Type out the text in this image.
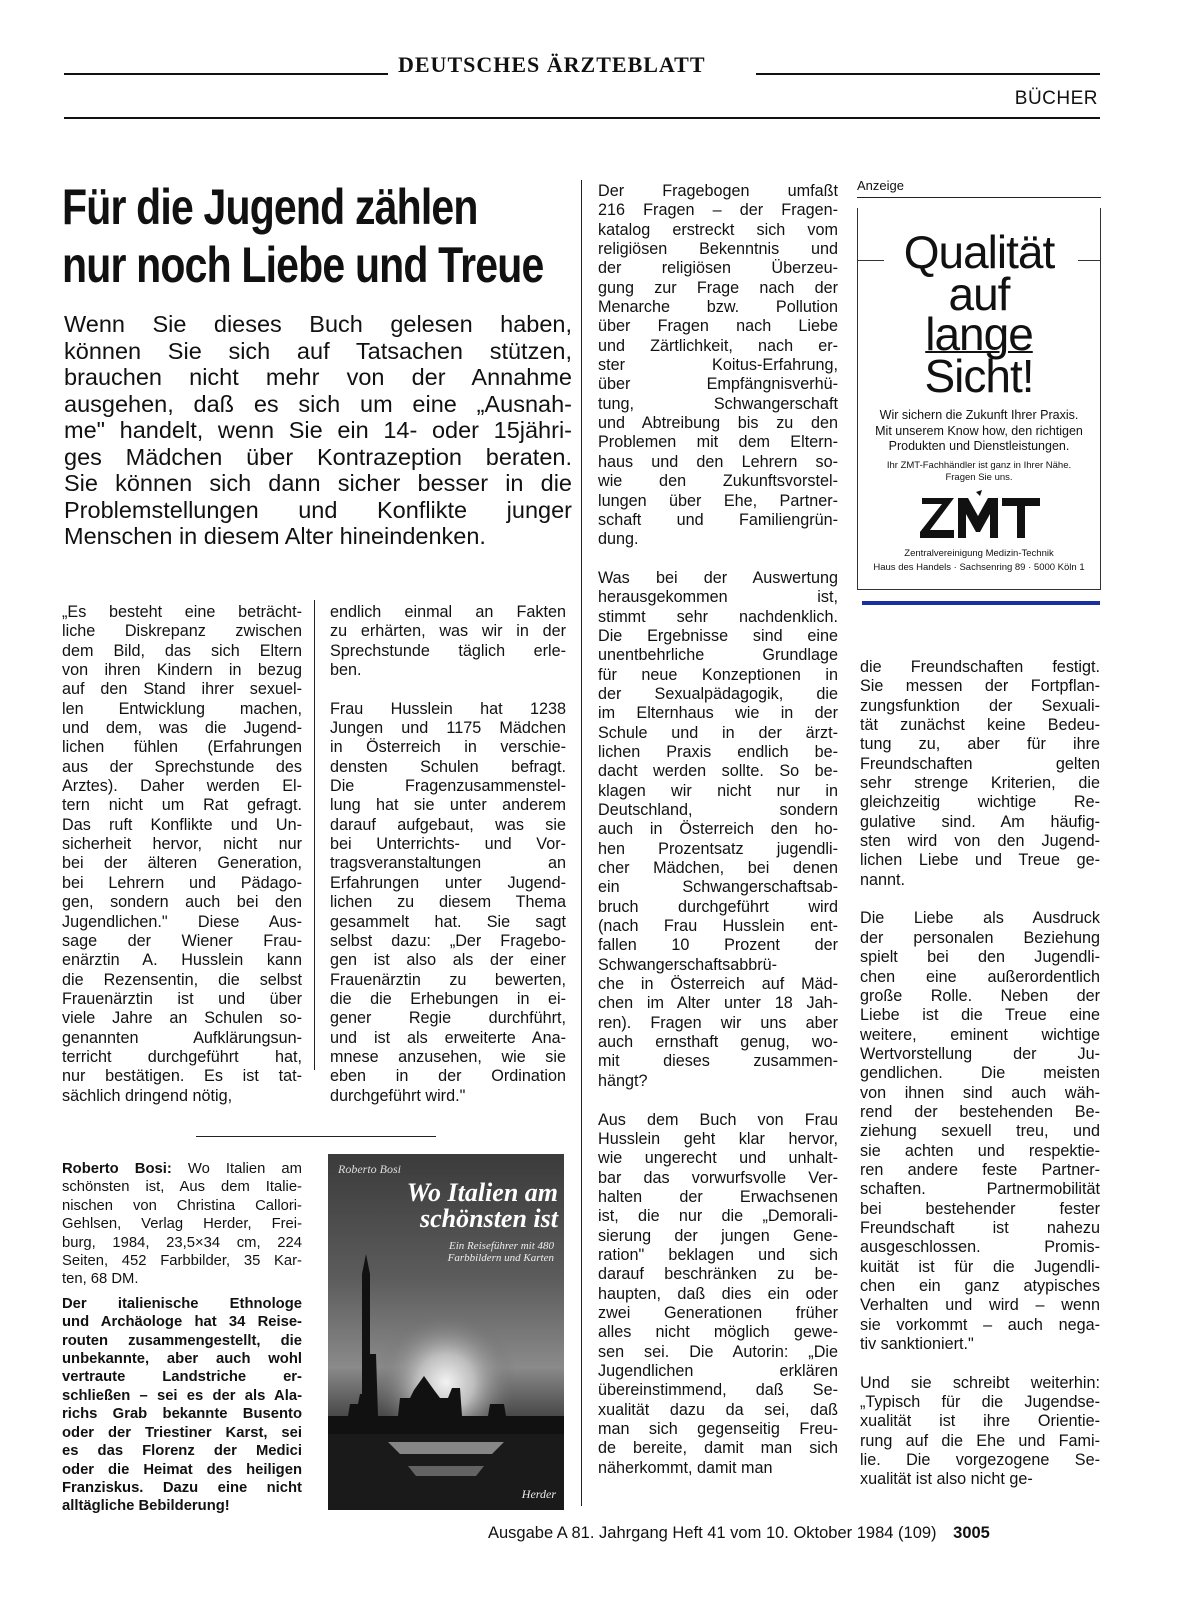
DEUTSCHES ÄRZTEBLATT
BÜCHER
Für die Jugend zählen
nur noch Liebe und Treue
Wenn Sie dieses Buch gelesen haben,
können Sie sich auf Tatsachen stützen,
brauchen nicht mehr von der Annahme
ausgehen, daß es sich um eine „Ausnah-
me" handelt, wenn Sie ein 14- oder 15jähri-
ges Mädchen über Kontrazeption beraten.
Sie können sich dann sicher besser in die
Problemstellungen und Konflikte junger
Menschen in diesem Alter hineindenken.
„Es besteht eine beträcht-
liche Diskrepanz zwischen
dem Bild, das sich Eltern
von ihren Kindern in bezug
auf den Stand ihrer sexuel-
len Entwicklung machen,
und dem, was die Jugend-
lichen fühlen (Erfahrungen
aus der Sprechstunde des
Arztes). Daher werden El-
tern nicht um Rat gefragt.
Das ruft Konflikte und Un-
sicherheit hervor, nicht nur
bei der älteren Generation,
bei Lehrern und Pädago-
gen, sondern auch bei den
Jugendlichen." Diese Aus-
sage der Wiener Frau-
enärztin A. Husslein kann
die Rezensentin, die selbst
Frauenärztin ist und über
viele Jahre an Schulen so-
genannten Aufklärungsun-
terricht durchgeführt hat,
nur bestätigen. Es ist tat-
sächlich dringend nötig,
endlich einmal an Fakten
zu erhärten, was wir in der
Sprechstunde täglich erle-
ben.
Frau Husslein hat 1238
Jungen und 1175 Mädchen
in Österreich in verschie-
densten Schulen befragt.
Die Fragenzusammenstel-
lung hat sie unter anderem
darauf aufgebaut, was sie
bei Unterrichts- und Vor-
tragsveranstaltungen an
Erfahrungen unter Jugend-
lichen zu diesem Thema
gesammelt hat. Sie sagt
selbst dazu: „Der Fragebo-
gen ist also als der einer
Frauenärztin zu bewerten,
die die Erhebungen in ei-
gener Regie durchführt,
und ist als erweiterte Ana-
mnese anzusehen, wie sie
eben in der Ordination
durchgeführt wird."
Der Fragebogen umfaßt
216 Fragen – der Fragen-
katalog erstreckt sich vom
religiösen Bekenntnis und
der religiösen Überzeu-
gung zur Frage nach der
Menarche bzw. Pollution
über Fragen nach Liebe
und Zärtlichkeit, nach er-
ster Koitus-Erfahrung,
über Empfängnisverhü-
tung, Schwangerschaft
und Abtreibung bis zu den
Problemen mit dem Eltern-
haus und den Lehrern so-
wie den Zukunftsvorstel-
lungen über Ehe, Partner-
schaft und Familiengrün-
dung.
Was bei der Auswertung
herausgekommen ist,
stimmt sehr nachdenklich.
Die Ergebnisse sind eine
unentbehrliche Grundlage
für neue Konzeptionen in
der Sexualpädagogik, die
im Elternhaus wie in der
Schule und in der ärzt-
lichen Praxis endlich be-
dacht werden sollte. So be-
klagen wir nicht nur in
Deutschland, sondern
auch in Österreich den ho-
hen Prozentsatz jugendli-
cher Mädchen, bei denen
ein Schwangerschaftsab-
bruch durchgeführt wird
(nach Frau Husslein ent-
fallen 10 Prozent der
Schwangerschaftsabbrü-
che in Österreich auf Mäd-
chen im Alter unter 18 Jah-
ren). Fragen wir uns aber
auch ernsthaft genug, wo-
mit dieses zusammen-
hängt?
Aus dem Buch von Frau
Husslein geht klar hervor,
wie ungerecht und unhalt-
bar das vorwurfsvolle Ver-
halten der Erwachsenen
ist, die nur die „Demorali-
sierung der jungen Gene-
ration" beklagen und sich
darauf beschränken zu be-
haupten, daß dies ein oder
zwei Generationen früher
alles nicht möglich gewe-
sen sei. Die Autorin: „Die
Jugendlichen erklären
übereinstimmend, daß Se-
xualität dazu da sei, daß
man sich gegenseitig Freu-
de bereite, damit man sich
näherkommt, damit man
die Freundschaften festigt.
Sie messen der Fortpflan-
zungsfunktion der Sexuali-
tät zunächst keine Bedeu-
tung zu, aber für ihre
Freundschaften gelten
sehr strenge Kriterien, die
gleichzeitig wichtige Re-
gulative sind. Am häufig-
sten wird von den Jugend-
lichen Liebe und Treue ge-
nannt.
Die Liebe als Ausdruck
der personalen Beziehung
spielt bei den Jugendli-
chen eine außerordentlich
große Rolle. Neben der
Liebe ist die Treue eine
weitere, eminent wichtige
Wertvorstellung der Ju-
gendlichen. Die meisten
von ihnen sind auch wäh-
rend der bestehenden Be-
ziehung sexuell treu, und
sie achten und respektie-
ren andere feste Partner-
schaften. Partnermobilität
bei bestehender fester
Freundschaft ist nahezu
ausgeschlossen. Promis-
kuität ist für die Jugendli-
chen ein ganz atypisches
Verhalten und wird – wenn
sie vorkommt – auch nega-
tiv sanktioniert."
Und sie schreibt weiterhin:
„Typisch für die Jugendse-
xualität ist ihre Orientie-
rung auf die Ehe und Fami-
lie. Die vorgezogene Se-
xualität ist also nicht ge-
Roberto Bosi: Wo Italien am
schönsten ist, Aus dem Italie-
nischen von Christina Callori-
Gehlsen, Verlag Herder, Frei-
burg, 1984, 23,5×34 cm, 224
Seiten, 452 Farbbilder, 35 Kar-
ten, 68 DM.
Der italienische Ethnologe
und Archäologe hat 34 Reise-
routen zusammengestellt, die
unbekannte, aber auch wohl
vertraute Landstriche er-
schließen – sei es der als Ala-
richs Grab bekannte Busento
oder der Triestiner Karst, sei
es das Florenz der Medici
oder die Heimat des heiligen
Franziskus. Dazu eine nicht
alltägliche Bebilderung!
Roberto Bosi
Wo Italien am schönsten ist
Ein Reiseführer mit 480 Farbbildern und Karten
Herder
Anzeige
Qualität
auf
lange
Sicht!
Wir sichern die Zukunft Ihrer Praxis.
Mit unserem Know how, den richtigen
Produkten und Dienstleistungen.
Ihr ZMT-Fachhändler ist ganz in Ihrer Nähe.
Fragen Sie uns.
Zentralvereinigung Medizin-Technik
Haus des Handels · Sachsenring 89 · 5000 Köln 1
Ausgabe A 81. Jahrgang Heft 41 vom 10. Oktober 1984 (109) 3005
